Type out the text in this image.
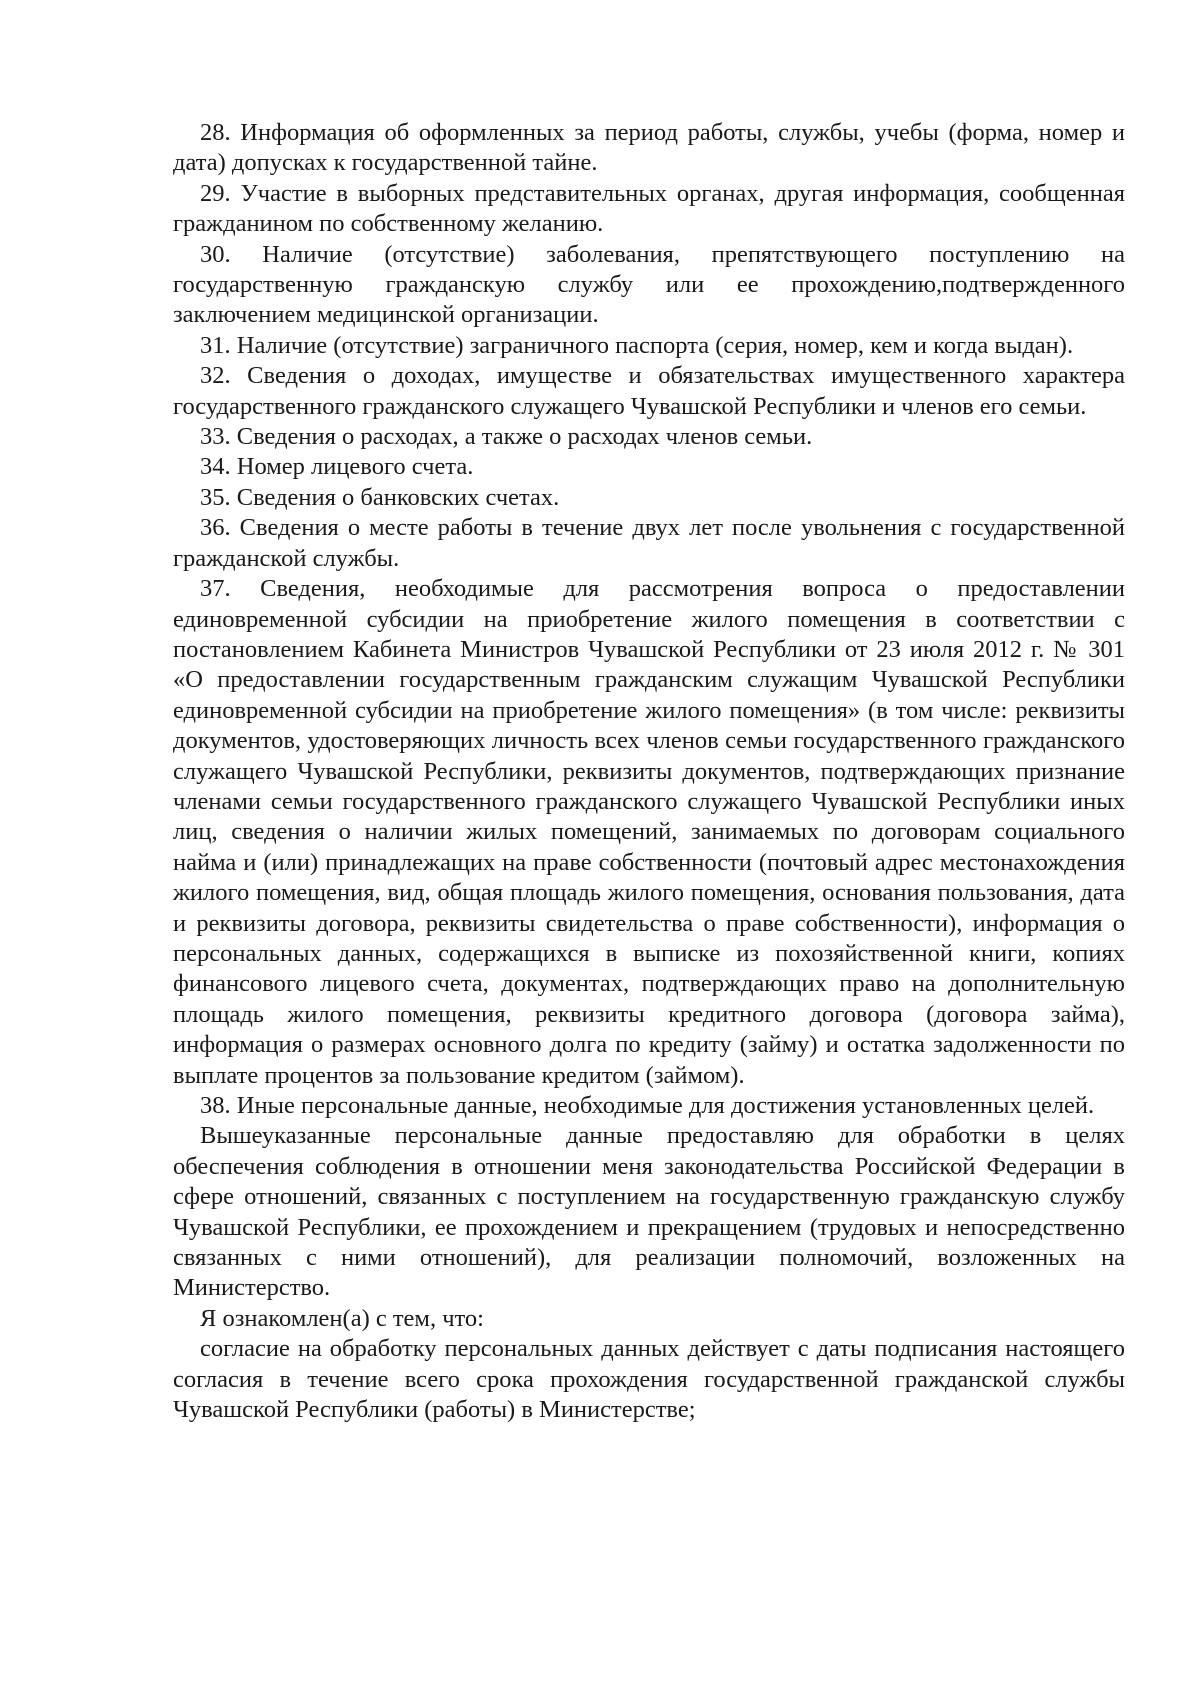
28. Информация об оформленных за период работы, службы, учебы (форма, номер и дата) допусках к государственной тайне.

29. Участие в выборных представительных органах, другая информация, сообщенная гражданином по собственному желанию.

30. Наличие (отсутствие) заболевания, препятствующего поступлению на государственную гражданскую службу или ее прохождению,подтвержденного заключением медицинской организации.

31. Наличие (отсутствие) заграничного паспорта (серия, номер, кем и когда выдан).

32. Сведения о доходах, имуществе и обязательствах имущественного характера государственного гражданского служащего Чувашской Республики и членов его семьи.

33. Сведения о расходах, а также о расходах членов семьи.

34. Номер лицевого счета.

35. Сведения о банковских счетах.

36. Сведения о месте работы в течение двух лет после увольнения с государственной гражданской службы.

37. Сведения, необходимые для рассмотрения вопроса о предоставлении единовременной субсидии на приобретение жилого помещения в соответствии с постановлением Кабинета Министров Чувашской Республики от 23 июля 2012 г. № 301 «О предоставлении государственным гражданским служащим Чувашской Республики единовременной субсидии на приобретение жилого помещения» (в том числе: реквизиты документов, удостоверяющих личность всех членов семьи государственного гражданского служащего Чувашской Республики, реквизиты документов, подтверждающих признание членами семьи государственного гражданского служащего Чувашской Республики иных лиц, сведения о наличии жилых помещений, занимаемых по договорам социального найма и (или) принадлежащих на праве собственности (почтовый адрес местонахождения жилого помещения, вид, общая площадь жилого помещения, основания пользования, дата и реквизиты договора, реквизиты свидетельства о праве собственности), информация о персональных данных, содержащихся в выписке из похозяйственной книги, копиях финансового лицевого счета, документах, подтверждающих право на дополнительную площадь жилого помещения, реквизиты кредитного договора (договора займа), информация о размерах основного долга по кредиту (займу) и остатка задолженности по выплате процентов за пользование кредитом (займом).

38. Иные персональные данные, необходимые для достижения установленных целей.

Вышеуказанные персональные данные предоставляю для обработки в целях обеспечения соблюдения в отношении меня законодательства Российской Федерации в сфере отношений, связанных с поступлением на государственную гражданскую службу Чувашской Республики, ее прохождением и прекращением (трудовых и непосредственно связанных с ними отношений), для реализации полномочий, возложенных на Министерство.

Я ознакомлен(а) с тем, что:

согласие на обработку персональных данных действует с даты подписания настоящего согласия в течение всего срока прохождения государственной гражданской службы Чувашской Республики (работы) в Министерстве;
